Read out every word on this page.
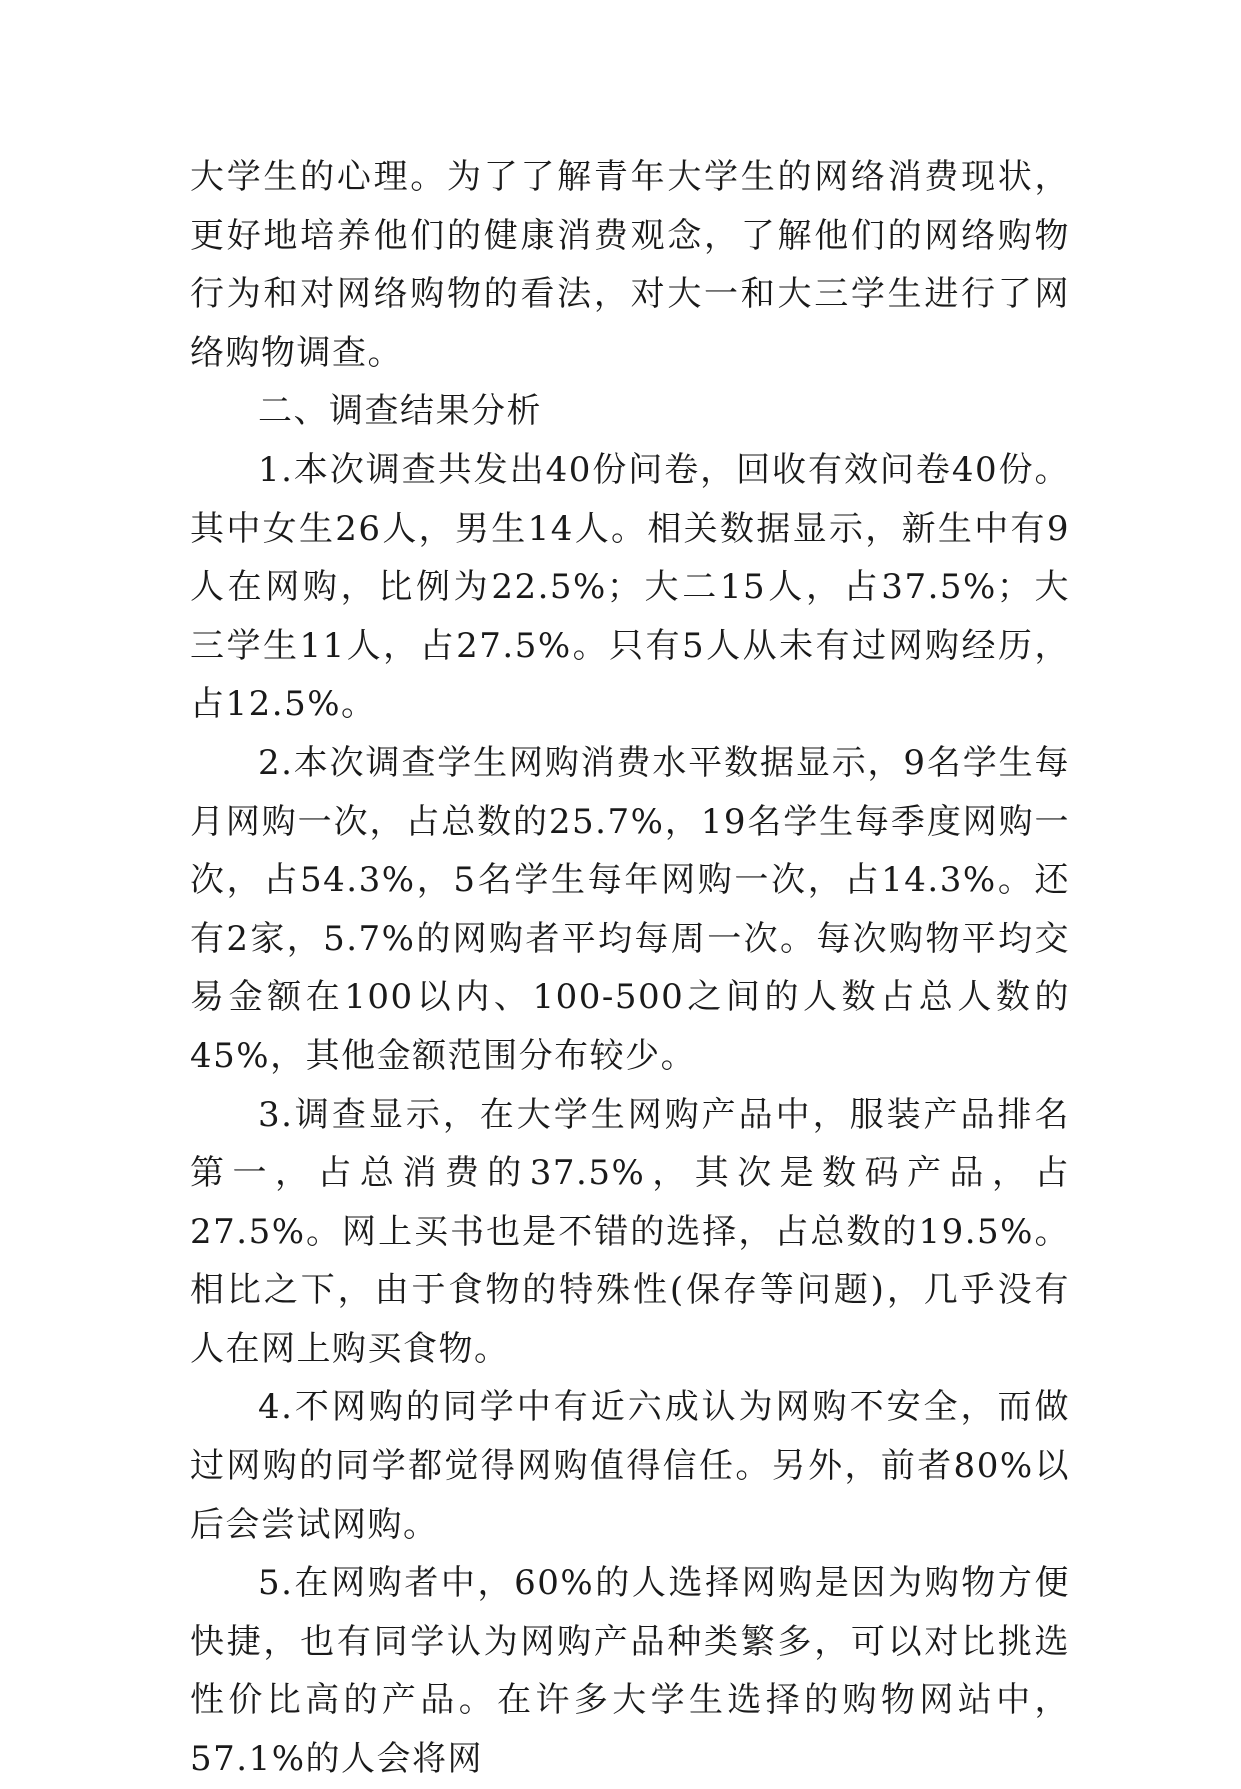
大学生的心理。为了了解青年大学生的网络消费现状，更好地培养他们的健康消费观念，了解他们的网络购物行为和对网络购物的看法，对大一和大三学生进行了网络购物调查。

二、调查结果分析

1.本次调查共发出40份问卷，回收有效问卷40份。其中女生26人，男生14人。相关数据显示，新生中有9人在网购，比例为22.5%；大二15人，占37.5%；大三学生11人，占27.5%。只有5人从未有过网购经历，占12.5%。

2.本次调查学生网购消费水平数据显示，9名学生每月网购一次，占总数的25.7%，19名学生每季度网购一次，占54.3%，5名学生每年网购一次，占14.3%。还有2家，5.7%的网购者平均每周一次。每次购物平均交易金额在100以内、100-500之间的人数占总人数的45%，其他金额范围分布较少。

3.调查显示，在大学生网购产品中，服装产品排名第一，占总消费的37.5%，其次是数码产品，占27.5%。网上买书也是不错的选择，占总数的19.5%。相比之下，由于食物的特殊性(保存等问题)，几乎没有人在网上购买食物。

4.不网购的同学中有近六成认为网购不安全，而做过网购的同学都觉得网购值得信任。另外，前者80%以后会尝试网购。

5.在网购者中，60%的人选择网购是因为购物方便快捷，也有同学认为网购产品种类繁多，可以对比挑选性价比高的产品。在许多大学生选择的购物网站中，57.1%的人会将网
